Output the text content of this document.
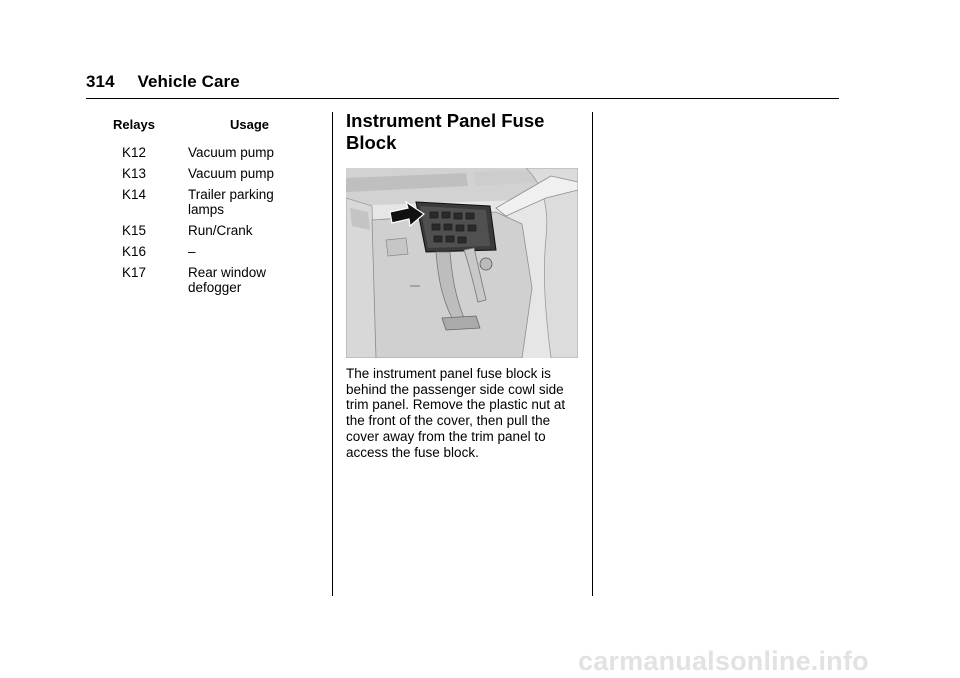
314 Vehicle Care
Relays	Usage
K12	Vacuum pump
K13	Vacuum pump
K14	Trailer parking lamps
K15	Run/Crank
K16	–
K17	Rear window defogger
Instrument Panel Fuse Block
The instrument panel fuse block is behind the passenger side cowl side trim panel. Remove the plastic nut at the front of the cover, then pull the cover away from the trim panel to access the fuse block.
carmanualsonline.info
